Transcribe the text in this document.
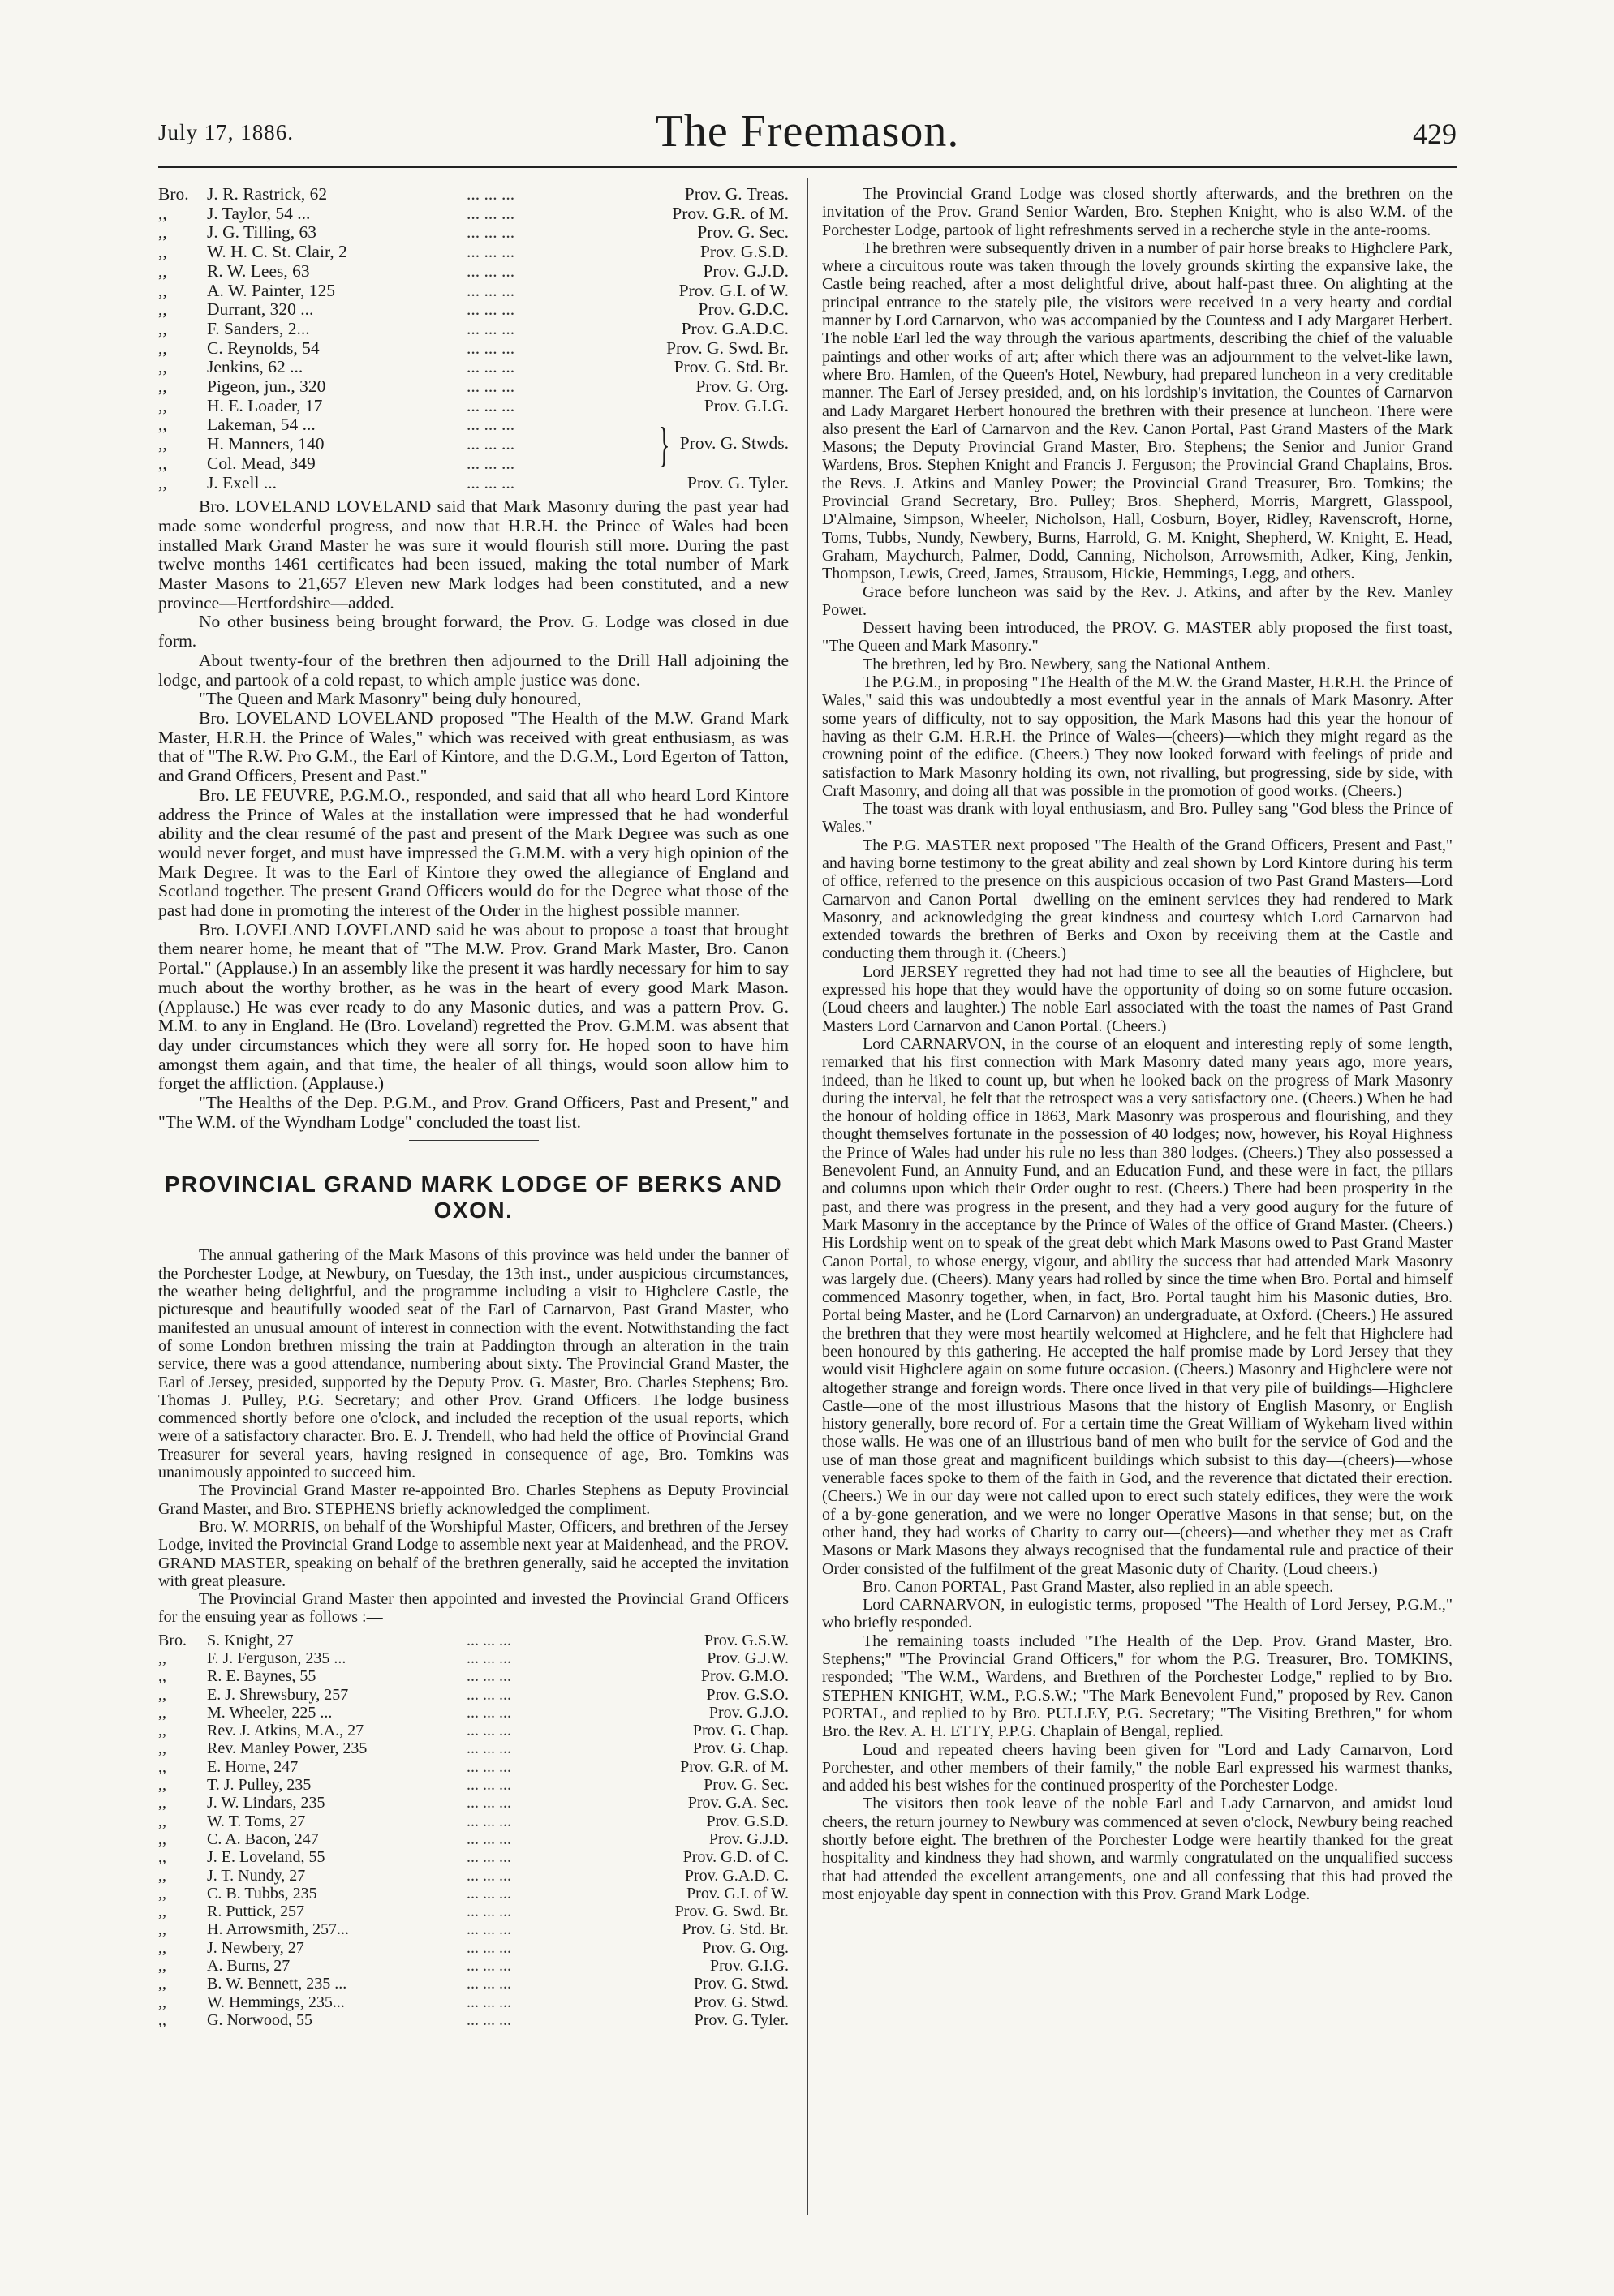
July 17, 1886.	The Freemason.	429
Bro.	J. R. Rastrick, 62	... ... ...	Prov. G. Treas.
,,	J. Taylor, 54 ...	... ... ...	Prov. G.R. of M.
,,	J. G. Tilling, 63	... ... ...	Prov. G. Sec.
,,	W. H. C. St. Clair, 2	... ... ...	Prov. G.S.D.
,,	R. W. Lees, 63	... ... ...	Prov. G.J.D.
,,	A. W. Painter, 125	... ... ...	Prov. G.I. of W.
,,	Durrant, 320 ...	... ... ...	Prov. G.D.C.
,,	F. Sanders, 2...	... ... ...	Prov. G.A.D.C.
,,	C. Reynolds, 54	... ... ...	Prov. G. Swd. Br.
,,	Jenkins, 62 ...	... ... ...	Prov. G. Std. Br.
,,	Pigeon, jun., 320	... ... ...	Prov. G. Org.
,,	H. E. Loader, 17	... ... ...	Prov. G.I.G.
,,	Lakeman, 54 ...	... ... ...	} Prov. G. Stwds.
,,	H. Manners, 140	... ... ...	
,,	Col. Mead, 349	... ... ...	
,,	J. Exell ...	... ... ...	Prov. G. Tyler.

Bro. LOVELAND LOVELAND said that Mark Masonry during the past year had made some wonderful progress, and now that H.R.H. the Prince of Wales had been installed Mark Grand Master he was sure it would flourish still more. During the past twelve months 1461 certificates had been issued, making the total number of Mark Master Masons to 21,657 Eleven new Mark lodges had been constituted, and a new province—Hertfordshire—added.

No other business being brought forward, the Prov. G. Lodge was closed in due form.

About twenty-four of the brethren then adjourned to the Drill Hall adjoining the lodge, and partook of a cold repast, to which ample justice was done.

"The Queen and Mark Masonry" being duly honoured,

Bro. LOVELAND LOVELAND proposed "The Health of the M.W. Grand Mark Master, H.R.H. the Prince of Wales," which was received with great enthusiasm, as was that of "The R.W. Pro G.M., the Earl of Kintore, and the D.G.M., Lord Egerton of Tatton, and Grand Officers, Present and Past."

Bro. LE FEUVRE, P.G.M.O., responded, and said that all who heard Lord Kintore address the Prince of Wales at the installation were impressed that he had wonderful ability and the clear resumé of the past and present of the Mark Degree was such as one would never forget, and must have impressed the G.M.M. with a very high opinion of the Mark Degree. It was to the Earl of Kintore they owed the allegiance of England and Scotland together. The present Grand Officers would do for the Degree what those of the past had done in promoting the interest of the Order in the highest possible manner.

Bro. LOVELAND LOVELAND said he was about to propose a toast that brought them nearer home, he meant that of "The M.W. Prov. Grand Mark Master, Bro. Canon Portal." (Applause.) In an assembly like the present it was hardly necessary for him to say much about the worthy brother, as he was in the heart of every good Mark Mason. (Applause.) He was ever ready to do any Masonic duties, and was a pattern Prov. G. M.M. to any in England. He (Bro. Loveland) regretted the Prov. G.M.M. was absent that day under circumstances which they were all sorry for. He hoped soon to have him amongst them again, and that time, the healer of all things, would soon allow him to forget the affliction. (Applause.)

"The Healths of the Dep. P.G.M., and Prov. Grand Officers, Past and Present," and "The W.M. of the Wyndham Lodge" concluded the toast list.

PROVINCIAL GRAND MARK LODGE OF BERKS AND OXON.

The annual gathering of the Mark Masons of this province was held under the banner of the Porchester Lodge, at Newbury, on Tuesday, the 13th inst., under auspicious circumstances, the weather being delightful, and the programme including a visit to Highclere Castle, the picturesque and beautifully wooded seat of the Earl of Carnarvon, Past Grand Master, who manifested an unusual amount of interest in connection with the event. Notwithstanding the fact of some London brethren missing the train at Paddington through an alteration in the train service, there was a good attendance, numbering about sixty. The Provincial Grand Master, the Earl of Jersey, presided, supported by the Deputy Prov. G. Master, Bro. Charles Stephens; Bro. Thomas J. Pulley, P.G. Secretary; and other Prov. Grand Officers. The lodge business commenced shortly before one o'clock, and included the reception of the usual reports, which were of a satisfactory character. Bro. E. J. Trendell, who had held the office of Provincial Grand Treasurer for several years, having resigned in consequence of age, Bro. Tomkins was unanimously appointed to succeed him.

The Provincial Grand Master re-appointed Bro. Charles Stephens as Deputy Provincial Grand Master, and Bro. STEPHENS briefly acknowledged the compliment.

Bro. W. MORRIS, on behalf of the Worshipful Master, Officers, and brethren of the Jersey Lodge, invited the Provincial Grand Lodge to assemble next year at Maidenhead, and the PROV. GRAND MASTER, speaking on behalf of the brethren generally, said he accepted the invitation with great pleasure.

The Provincial Grand Master then appointed and invested the Provincial Grand Officers for the ensuing year as follows :—

Bro.	S. Knight, 27	... ... ...	Prov. G.S.W.
,,	F. J. Ferguson, 235 ...	... ... ...	Prov. G.J.W.
,,	R. E. Baynes, 55	... ... ...	Prov. G.M.O.
,,	E. J. Shrewsbury, 257	... ... ...	Prov. G.S.O.
,,	M. Wheeler, 225 ...	... ... ...	Prov. G.J.O.
,,	Rev. J. Atkins, M.A., 27	... ... ...	Prov. G. Chap.
,,	Rev. Manley Power, 235	... ... ...	Prov. G. Chap.
,,	E. Horne, 247	... ... ...	Prov. G.R. of M.
,,	T. J. Pulley, 235	... ... ...	Prov. G. Sec.
,,	J. W. Lindars, 235	... ... ...	Prov. G.A. Sec.
,,	W. T. Toms, 27	... ... ...	Prov. G.S.D.
,,	C. A. Bacon, 247	... ... ...	Prov. G.J.D.
,,	J. E. Loveland, 55	... ... ...	Prov. G.D. of C.
,,	J. T. Nundy, 27	... ... ...	Prov. G.A.D. C.
,,	C. B. Tubbs, 235	... ... ...	Prov. G.I. of W.
,,	R. Puttick, 257	... ... ...	Prov. G. Swd. Br.
,,	H. Arrowsmith, 257...	... ... ...	Prov. G. Std. Br.
,,	J. Newbery, 27	... ... ...	Prov. G. Org.
,,	A. Burns, 27	... ... ...	Prov. G.I.G.
,,	B. W. Bennett, 235 ...	... ... ...	Prov. G. Stwd.
,,	W. Hemmings, 235...	... ... ...	Prov. G. Stwd.
,,	G. Norwood, 55	... ... ...	Prov. G. Tyler.

The Provincial Grand Lodge was closed shortly afterwards, and the brethren on the invitation of the Prov. Grand Senior Warden, Bro. Stephen Knight, who is also W.M. of the Porchester Lodge, partook of light refreshments served in a recherche style in the ante-rooms.

The brethren were subsequently driven in a number of pair horse breaks to Highclere Park, where a circuitous route was taken through the lovely grounds skirting the expansive lake, the Castle being reached, after a most delightful drive, about half-past three. On alighting at the principal entrance to the stately pile, the visitors were received in a very hearty and cordial manner by Lord Carnarvon, who was accompanied by the Countess and Lady Margaret Herbert. The noble Earl led the way through the various apartments, describing the chief of the valuable paintings and other works of art; after which there was an adjournment to the velvet-like lawn, where Bro. Hamlen, of the Queen's Hotel, Newbury, had prepared luncheon in a very creditable manner. The Earl of Jersey presided, and, on his lordship's invitation, the Countes of Carnarvon and Lady Margaret Herbert honoured the brethren with their presence at luncheon. There were also present the Earl of Carnarvon and the Rev. Canon Portal, Past Grand Masters of the Mark Masons; the Deputy Provincial Grand Master, Bro. Stephens; the Senior and Junior Grand Wardens, Bros. Stephen Knight and Francis J. Ferguson; the Provincial Grand Chaplains, Bros. the Revs. J. Atkins and Manley Power; the Provincial Grand Treasurer, Bro. Tomkins; the Provincial Grand Secretary, Bro. Pulley; Bros. Shepherd, Morris, Margrett, Glasspool, D'Almaine, Simpson, Wheeler, Nicholson, Hall, Cosburn, Boyer, Ridley, Ravenscroft, Horne, Toms, Tubbs, Nundy, Newbery, Burns, Harrold, G. M. Knight, Shepherd, W. Knight, E. Head, Graham, Maychurch, Palmer, Dodd, Canning, Nicholson, Arrowsmith, Adker, King, Jenkin, Thompson, Lewis, Creed, James, Strausom, Hickie, Hemmings, Legg, and others.

Grace before luncheon was said by the Rev. J. Atkins, and after by the Rev. Manley Power.

Dessert having been introduced, the PROV. G. MASTER ably proposed the first toast, "The Queen and Mark Masonry."

The brethren, led by Bro. Newbery, sang the National Anthem.

The P.G.M., in proposing "The Health of the M.W. the Grand Master, H.R.H. the Prince of Wales," said this was undoubtedly a most eventful year in the annals of Mark Masonry. After some years of difficulty, not to say opposition, the Mark Masons had this year the honour of having as their G.M. H.R.H. the Prince of Wales—(cheers)—which they might regard as the crowning point of the edifice. (Cheers.) They now looked forward with feelings of pride and satisfaction to Mark Masonry holding its own, not rivalling, but progressing, side by side, with Craft Masonry, and doing all that was possible in the promotion of good works. (Cheers.)

The toast was drank with loyal enthusiasm, and Bro. Pulley sang "God bless the Prince of Wales."

The P.G. MASTER next proposed "The Health of the Grand Officers, Present and Past," and having borne testimony to the great ability and zeal shown by Lord Kintore during his term of office, referred to the presence on this auspicious occasion of two Past Grand Masters—Lord Carnarvon and Canon Portal—dwelling on the eminent services they had rendered to Mark Masonry, and acknowledging the great kindness and courtesy which Lord Carnarvon had extended towards the brethren of Berks and Oxon by receiving them at the Castle and conducting them through it. (Cheers.)

Lord JERSEY regretted they had not had time to see all the beauties of Highclere, but expressed his hope that they would have the opportunity of doing so on some future occasion. (Loud cheers and laughter.) The noble Earl associated with the toast the names of Past Grand Masters Lord Carnarvon and Canon Portal. (Cheers.)

Lord CARNARVON, in the course of an eloquent and interesting reply of some length, remarked that his first connection with Mark Masonry dated many years ago, more years, indeed, than he liked to count up, but when he looked back on the progress of Mark Masonry during the interval, he felt that the retrospect was a very satisfactory one. (Cheers.) When he had the honour of holding office in 1863, Mark Masonry was prosperous and flourishing, and they thought themselves fortunate in the possession of 40 lodges; now, however, his Royal Highness the Prince of Wales had under his rule no less than 380 lodges. (Cheers.) They also possessed a Benevolent Fund, an Annuity Fund, and an Education Fund, and these were in fact, the pillars and columns upon which their Order ought to rest. (Cheers.) There had been prosperity in the past, and there was progress in the present, and they had a very good augury for the future of Mark Masonry in the acceptance by the Prince of Wales of the office of Grand Master. (Cheers.) His Lordship went on to speak of the great debt which Mark Masons owed to Past Grand Master Canon Portal, to whose energy, vigour, and ability the success that had attended Mark Masonry was largely due. (Cheers). Many years had rolled by since the time when Bro. Portal and himself commenced Masonry together, when, in fact, Bro. Portal taught him his Masonic duties, Bro. Portal being Master, and he (Lord Carnarvon) an undergraduate, at Oxford. (Cheers.) He assured the brethren that they were most heartily welcomed at Highclere, and he felt that Highclere had been honoured by this gathering. He accepted the half promise made by Lord Jersey that they would visit Highclere again on some future occasion. (Cheers.) Masonry and Highclere were not altogether strange and foreign words. There once lived in that very pile of buildings—Highclere Castle—one of the most illustrious Masons that the history of English Masonry, or English history generally, bore record of. For a certain time the Great William of Wykeham lived within those walls. He was one of an illustrious band of men who built for the service of God and the use of man those great and magnificent buildings which subsist to this day—(cheers)—whose venerable faces spoke to them of the faith in God, and the reverence that dictated their erection. (Cheers.) We in our day were not called upon to erect such stately edifices, they were the work of a by-gone generation, and we were no longer Operative Masons in that sense; but, on the other hand, they had works of Charity to carry out—(cheers)—and whether they met as Craft Masons or Mark Masons they always recognised that the fundamental rule and practice of their Order consisted of the fulfilment of the great Masonic duty of Charity. (Loud cheers.)

Bro. Canon PORTAL, Past Grand Master, also replied in an able speech.

Lord CARNARVON, in eulogistic terms, proposed "The Health of Lord Jersey, P.G.M.," who briefly responded.

The remaining toasts included "The Health of the Dep. Prov. Grand Master, Bro. Stephens;" "The Provincial Grand Officers," for whom the P.G. Treasurer, Bro. TOMKINS, responded; "The W.M., Wardens, and Brethren of the Porchester Lodge," replied to by Bro. STEPHEN KNIGHT, W.M., P.G.S.W.; "The Mark Benevolent Fund," proposed by Rev. Canon PORTAL, and replied to by Bro. PULLEY, P.G. Secretary; "The Visiting Brethren," for whom Bro. the Rev. A. H. ETTY, P.P.G. Chaplain of Bengal, replied.

Loud and repeated cheers having been given for "Lord and Lady Carnarvon, Lord Porchester, and other members of their family," the noble Earl expressed his warmest thanks, and added his best wishes for the continued prosperity of the Porchester Lodge.

The visitors then took leave of the noble Earl and Lady Carnarvon, and amidst loud cheers, the return journey to Newbury was commenced at seven o'clock, Newbury being reached shortly before eight. The brethren of the Porchester Lodge were heartily thanked for the great hospitality and kindness they had shown, and warmly congratulated on the unqualified success that had attended the excellent arrangements, one and all confessing that this had proved the most enjoyable day spent in connection with this Prov. Grand Mark Lodge.
